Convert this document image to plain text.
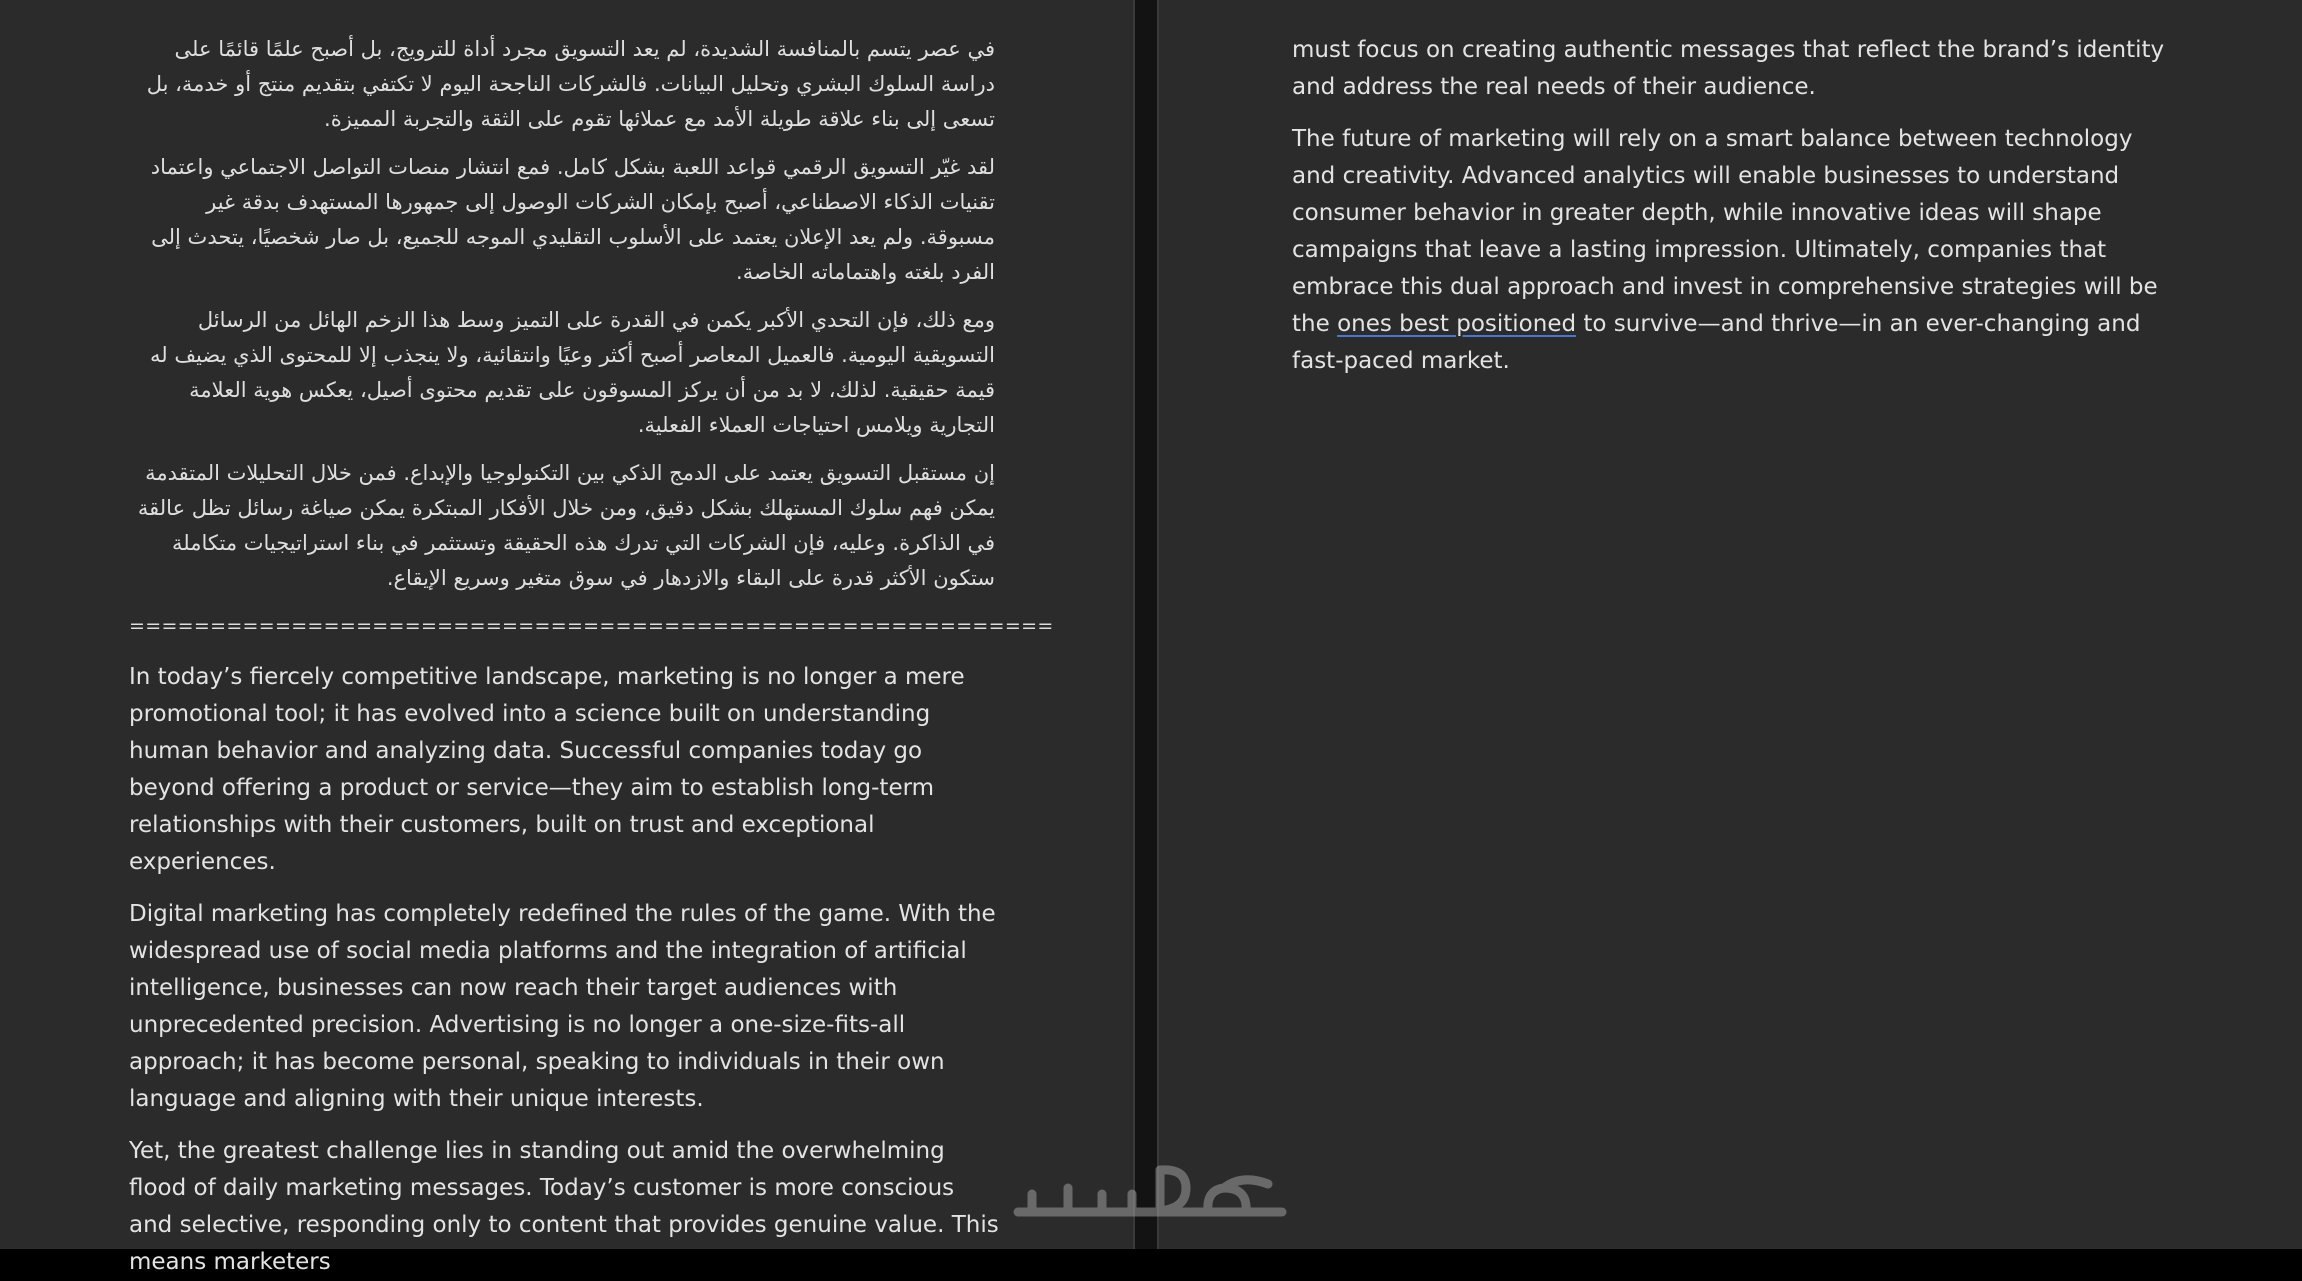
في عصر يتسم بالمنافسة الشديدة، لم يعد التسويق مجرد أداة للترويج، بل أصبح علمًا قائمًا على دراسة السلوك البشري وتحليل البيانات. فالشركات الناجحة اليوم لا تكتفي بتقديم منتج أو خدمة، بل تسعى إلى بناء علاقة طويلة الأمد مع عملائها تقوم على الثقة والتجربة المميزة.

لقد غيّر التسويق الرقمي قواعد اللعبة بشكل كامل. فمع انتشار منصات التواصل الاجتماعي واعتماد تقنيات الذكاء الاصطناعي، أصبح بإمكان الشركات الوصول إلى جمهورها المستهدف بدقة غير مسبوقة. ولم يعد الإعلان يعتمد على الأسلوب التقليدي الموجه للجميع، بل صار شخصيًا، يتحدث إلى الفرد بلغته واهتماماته الخاصة.

ومع ذلك، فإن التحدي الأكبر يكمن في القدرة على التميز وسط هذا الزخم الهائل من الرسائل التسويقية اليومية. فالعميل المعاصر أصبح أكثر وعيًا وانتقائية، ولا ينجذب إلا للمحتوى الذي يضيف له قيمة حقيقية. لذلك، لا بد من أن يركز المسوقون على تقديم محتوى أصيل، يعكس هوية العلامة التجارية ويلامس احتياجات العملاء الفعلية.

إن مستقبل التسويق يعتمد على الدمج الذكي بين التكنولوجيا والإبداع. فمن خلال التحليلات المتقدمة يمكن فهم سلوك المستهلك بشكل دقيق، ومن خلال الأفكار المبتكرة يمكن صياغة رسائل تظل عالقة في الذاكرة. وعليه، فإن الشركات التي تدرك هذه الحقيقة وتستثمر في بناء استراتيجيات متكاملة ستكون الأكثر قدرة على البقاء والازدهار في سوق متغير وسريع الإيقاع.

=========================================================

In today’s fiercely competitive landscape, marketing is no longer a mere promotional tool; it has evolved into a science built on understanding human behavior and analyzing data. Successful companies today go beyond offering a product or service—they aim to establish long-term relationships with their customers, built on trust and exceptional experiences.

Digital marketing has completely redefined the rules of the game. With the widespread use of social media platforms and the integration of artificial intelligence, businesses can now reach their target audiences with unprecedented precision. Advertising is no longer a one-size-fits-all approach; it has become personal, speaking to individuals in their own language and aligning with their unique interests.

Yet, the greatest challenge lies in standing out amid the overwhelming flood of daily marketing messages. Today’s customer is more conscious and selective, responding only to content that provides genuine value. This means marketers

must focus on creating authentic messages that reflect the brand’s identity and address the real needs of their audience.

The future of marketing will rely on a smart balance between technology and creativity. Advanced analytics will enable businesses to understand consumer behavior in greater depth, while innovative ideas will shape campaigns that leave a lasting impression. Ultimately, companies that embrace this dual approach and invest in comprehensive strategies will be the ones best positioned to survive—and thrive—in an ever-changing and fast-paced market.
